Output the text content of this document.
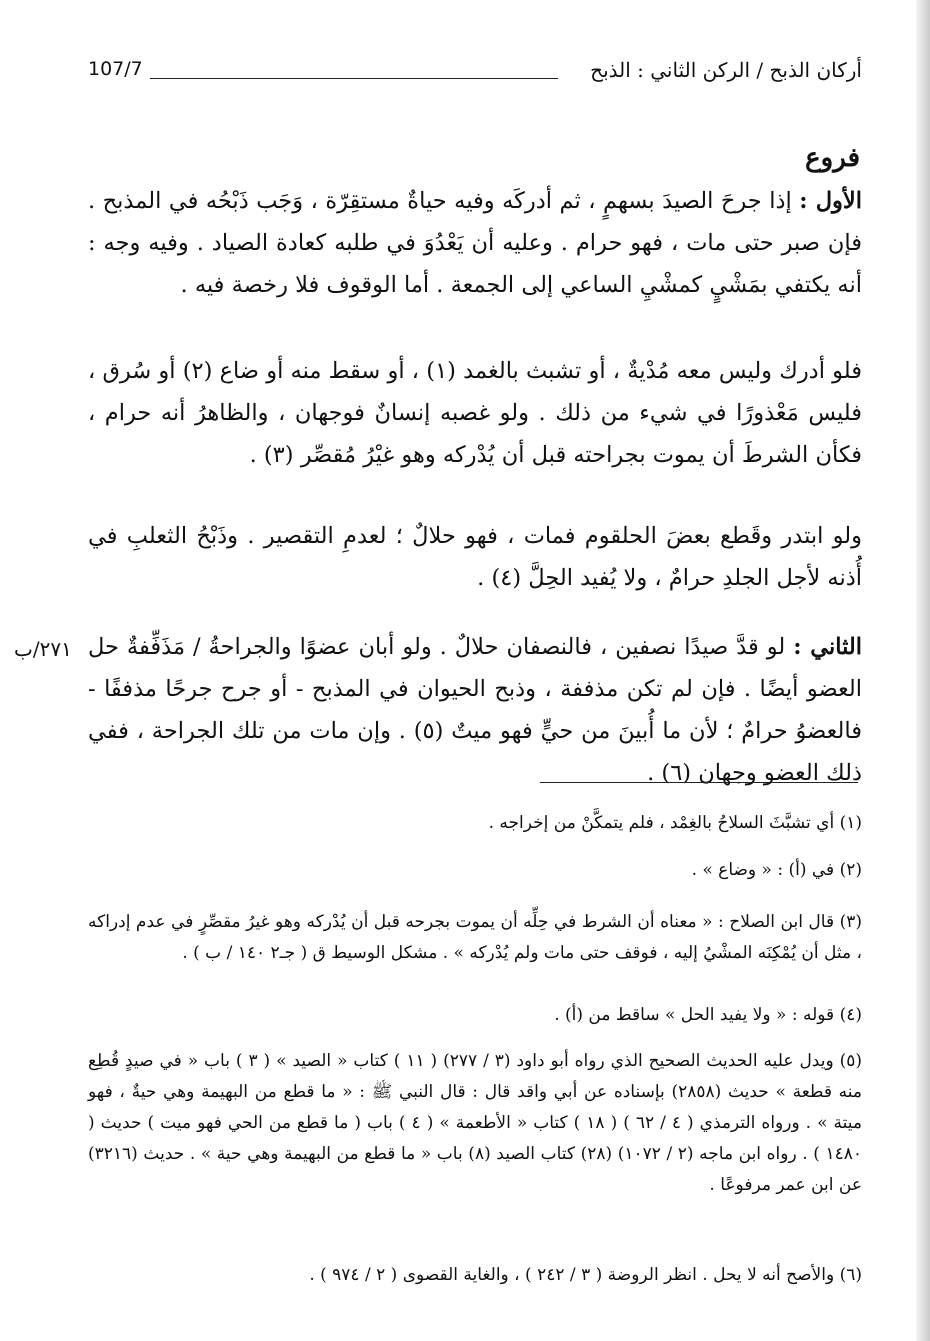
107/7	أركان الذبح / الركن الثاني : الذبح
فروع

الأول : إذا جرحَ الصيدَ بسهمٍ ، ثم أدركَه وفيه حياةٌ مستقِرّة ، وَجَب ذَبْحُه في المذبح . فإن صبر حتى مات ، فهو حرام . وعليه أن يَعْدُوَ في طلبه كعادة الصياد . وفيه وجه : أنه يكتفي بمَشْيٍ كمشْيِ الساعي إلى الجمعة . أما الوقوف فلا رخصة فيه .

فلو أدرك وليس معه مُدْيةٌ ، أو تشبث بالغمد (١) ، أو سقط منه أو ضاع (٢) أو سُرق ، فليس مَعْذورًا في شيء من ذلك . ولو غصبه إنسانٌ فوجهان ، والظاهرُ أنه حرام ، فكأن الشرطَ أن يموت بجراحته قبل أن يُدْركه وهو غيْرُ مُقصِّر (٣) .

ولو ابتدر وقَطع بعضَ الحلقوم فمات ، فهو حلالٌ ؛ لعدمِ التقصير . وذَبْحُ الثعلبِ في أُذنه لأجل الجلدِ حرامٌ ، ولا يُفيد الحِلَّ (٤) .

الثاني : لو قدَّ صيدًا نصفين ، فالنصفان حلالٌ . ولو أبان عضوًا والجراحةُ / مَذَفِّفةٌ حل العضو أيضًا . فإن لم تكن مذففة ، وذبح الحيوان في المذبح - أو جرح جرحًا مذففًا - فالعضوُ حرامٌ ؛ لأن ما أُبينَ من حيٍّ فهو ميتٌ (٥) . وإن مات من تلك الجراحة ، ففي ذلك العضو وجهان (٦) .

٢٧١/ب

(١) أي تشبَّثَ السلاحُ بالغِمْد ، فلم يتمكَّنْ من إخراجه .

(٢) في (أ) : « وضاع » .

(٣) قال ابن الصلاح : « معناه أن الشرط في حِلِّه أن يموت بجرحه قبل أن يُدْركه وهو غيرُ مقصِّرٍ في عدم إدراكه ، مثل أن يُمْكِنَه المشْيُ إليه ، فوقف حتى مات ولم يُدْركه » . مشكل الوسيط ق ( جـ٢ ١٤٠ / ب ) .

(٤) قوله : « ولا يفيد الحل » ساقط من (أ) .

(٥) ويدل عليه الحديث الصحيح الذي رواه أبو داود (٣ / ٢٧٧) ( ١١ ) كتاب « الصيد » ( ٣ ) باب « في صيدٍ قُطِع منه قطعة » حديث (٢٨٥٨) بإسناده عن أبي واقد قال : قال النبي ﷺ : « ما قطع من البهيمة وهي حيةٌ ، فهو ميتة » . ورواه الترمذي ( ٤ / ٦٢ ) ( ١٨ ) كتاب « الأطعمة » ( ٤ ) باب ( ما قطع من الحي فهو ميت ) حديث ( ١٤٨٠ ) . رواه ابن ماجه (٢ / ١٠٧٢) (٢٨) كتاب الصيد (٨) باب « ما قطع من البهيمة وهي حية » . حديث (٣٢١٦) عن ابن عمر مرفوعًا .

(٦) والأصح أنه لا يحل . انظر الروضة ( ٣ / ٢٤٢ ) ، والغاية القصوى ( ٢ / ٩٧٤ ) .
